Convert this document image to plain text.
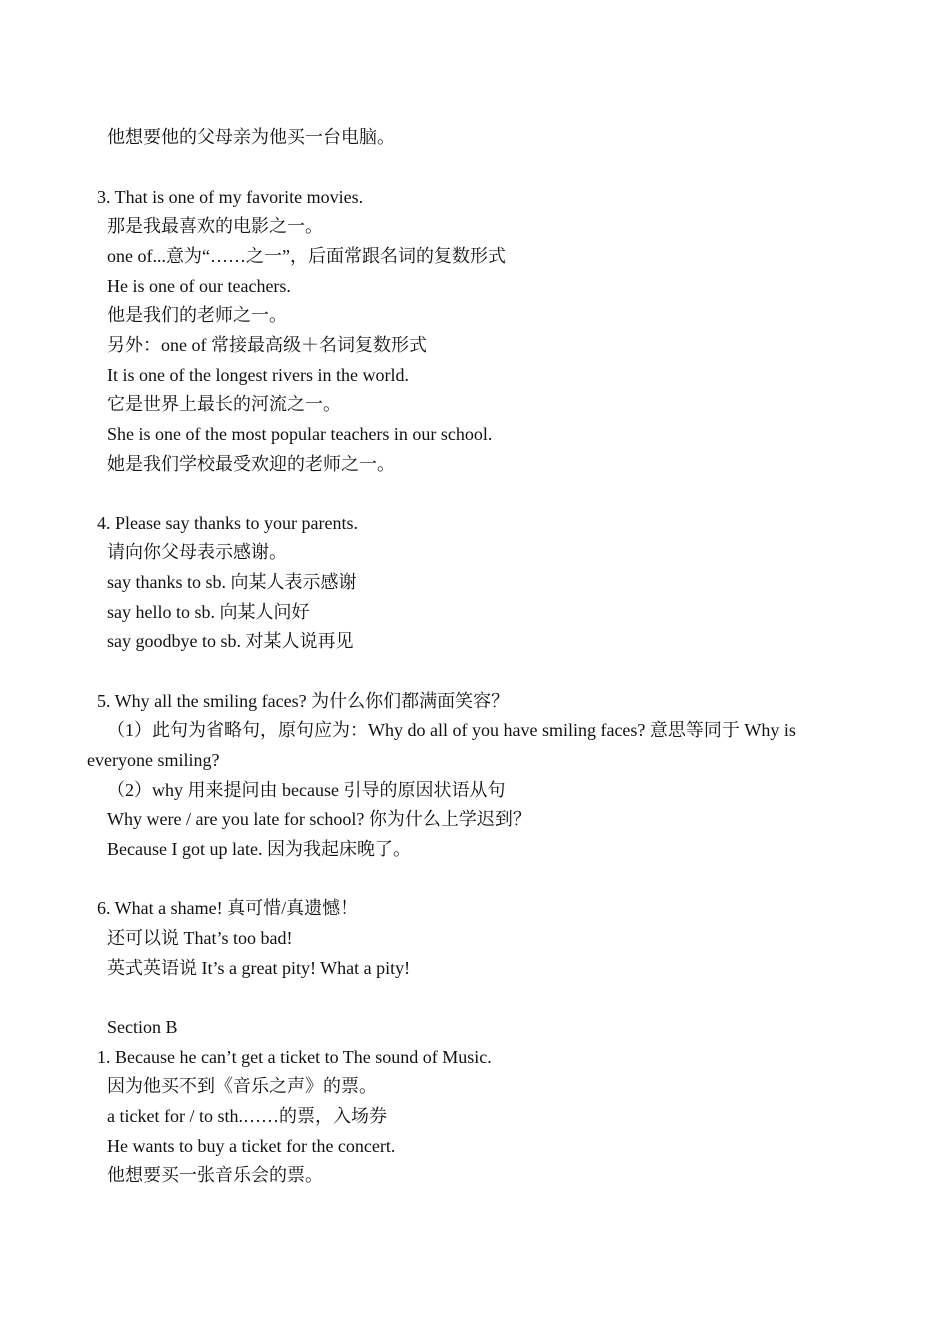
他想要他的父母亲为他买一台电脑。
3. That is one of my favorite movies.
那是我最喜欢的电影之一。
one of...意为“……之一”，后面常跟名词的复数形式
He is one of our teachers.
他是我们的老师之一。
另外：one of 常接最高级＋名词复数形式
It is one of the longest rivers in the world.
它是世界上最长的河流之一。
She is one of the most popular teachers in our school.
她是我们学校最受欢迎的老师之一。
4. Please say thanks to your parents.
请向你父母表示感谢。
say thanks to sb. 向某人表示感谢
say hello to sb. 向某人问好
say goodbye to sb. 对某人说再见
5. Why all the smiling faces? 为什么你们都满面笑容？
（1）此句为省略句，原句应为：Why do all of you have smiling faces? 意思等同于 Why is
everyone smiling?
（2）why 用来提问由 because 引导的原因状语从句
Why were / are you late for school? 你为什么上学迟到？
Because I got up late. 因为我起床晚了。
6. What a shame! 真可惜/真遗憾！
还可以说 That’s too bad!
英式英语说 It’s a great pity! What a pity!
Section B
1. Because he can’t get a ticket to The sound of Music.
因为他买不到《音乐之声》的票。
a ticket for / to sth.……的票，入场券
He wants to buy a ticket for the concert.
他想要买一张音乐会的票。
